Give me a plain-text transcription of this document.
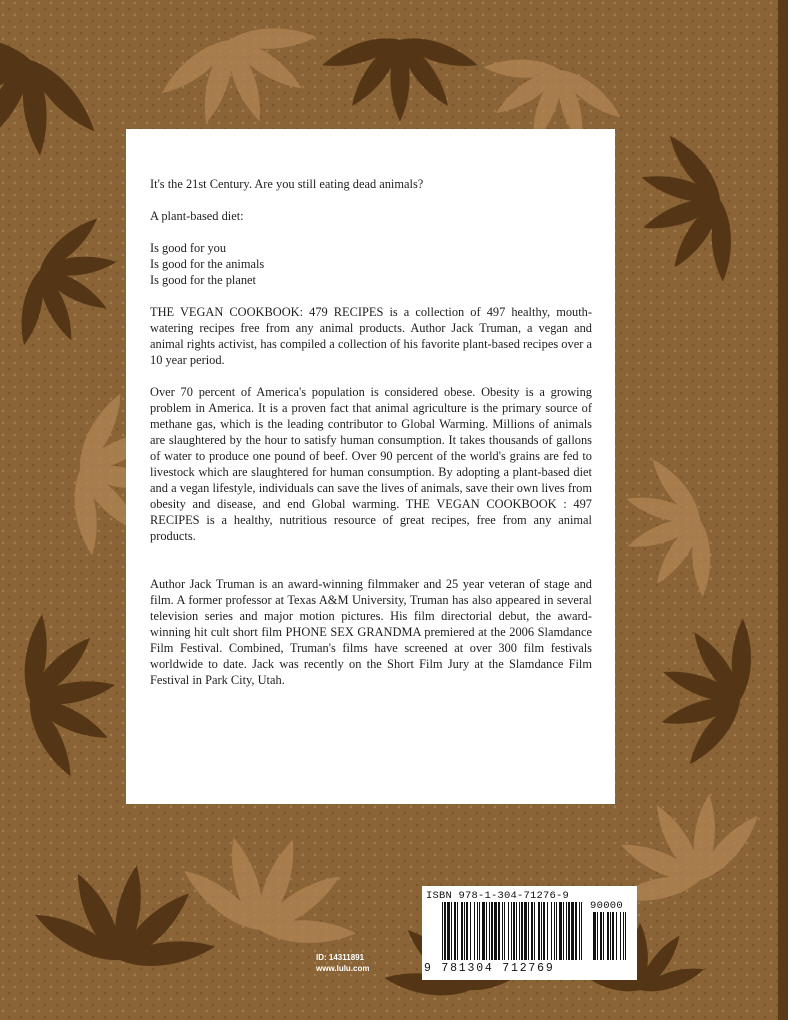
It's the 21st Century. Are you still eating dead animals?

A plant-based diet:

Is good for you
Is good for the animals
Is good for the planet

THE VEGAN COOKBOOK: 479 RECIPES is a collection of 497 healthy, mouth-watering recipes free from any animal products. Author Jack Truman, a vegan and animal rights activist, has compiled a collection of his favorite plant-based recipes over a 10 year period.

Over 70 percent of America's population is considered obese. Obesity is a growing problem in America. It is a proven fact that animal agriculture is the primary source of methane gas, which is the leading contributor to Global Warming. Millions of animals are slaughtered by the hour to satisfy human consumption. It takes thousands of gallons of water to produce one pound of beef. Over 90 percent of the world's grains are fed to livestock which are slaughtered for human consumption. By adopting a plant-based diet and a vegan lifestyle, individuals can save the lives of animals, save their own lives from obesity and disease, and end Global warming. THE VEGAN COOKBOOK : 497 RECIPES is a healthy, nutritious resource of great recipes, free from any animal products.

Author Jack Truman is an award-winning filmmaker and 25 year veteran of stage and film. A former professor at Texas A&M University, Truman has also appeared in several television series and major motion pictures. His film directorial debut, the award-winning hit cult short film PHONE SEX GRANDMA premiered at the 2006 Slamdance Film Festival. Combined, Truman's films have screened at over 300 film festivals worldwide to date. Jack was recently on the Short Film Jury at the Slamdance Film Festival in Park City, Utah.

ID: 14311891
www.lulu.com
ISBN 978-1-304-71276-9
90000
9 781304 712769
